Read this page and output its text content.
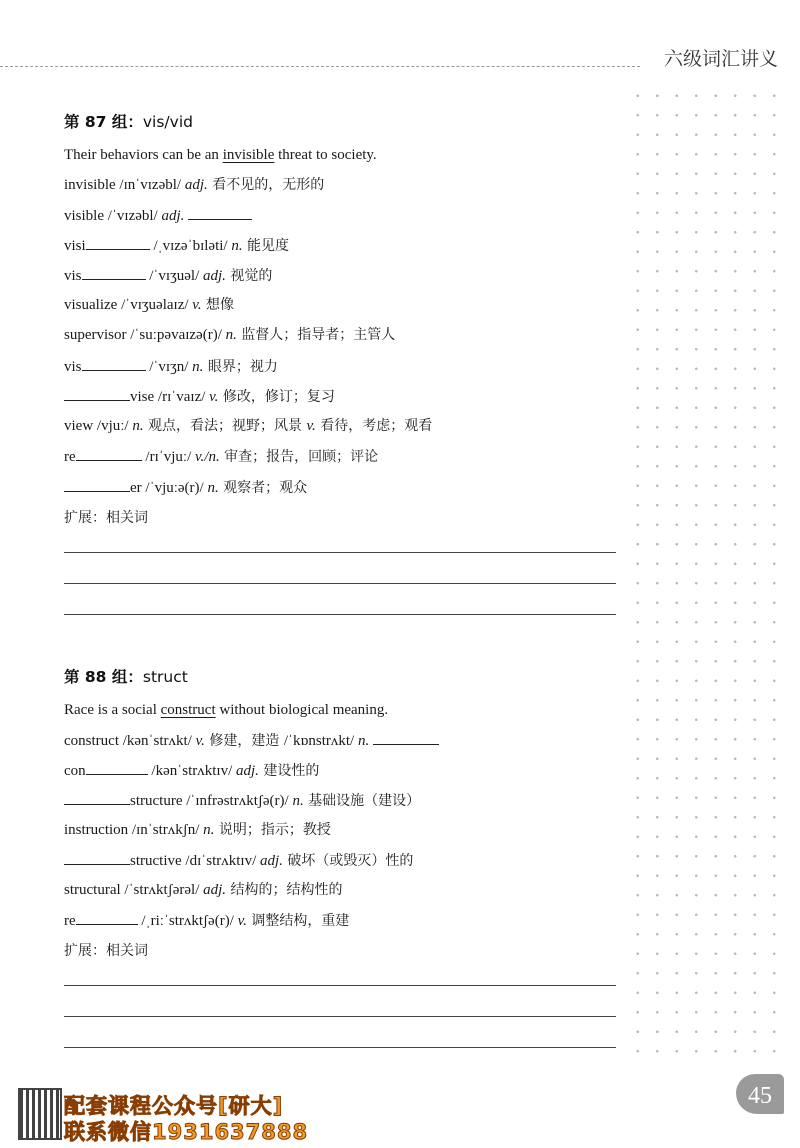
六级词汇讲义
第 87 组：vis/vid
Their behaviors can be an invisible threat to society.
invisible /ɪnˈvɪzəbl/ adj. 看不见的，无形的
visible /ˈvɪzəbl/ adj.
visi	/ˌvɪzəˈbɪləti/ n. 能见度
vis	/ˈvɪʒuəl/ adj. 视觉的
visualize /ˈvɪʒuəlaɪz/ v. 想像
supervisor /ˈsuːpəvaɪzə(r)/ n. 监督人；指导者；主管人
vis	/ˈvɪʒn/ n. 眼界；视力
vise /rɪˈvaɪz/ v. 修改，修订；复习
view /vjuː/ n. 观点，看法；视野；风景 v. 看待，考虑；观看
re	/rɪˈvjuː/ v./n. 审查；报告，回顾；评论
er /ˈvjuːə(r)/ n. 观察者；观众
扩展：相关词
第 88 组：struct
Race is a social construct without biological meaning.
construct /kənˈstrʌkt/ v. 修建，建造 /ˈkɒnstrʌkt/ n.
con	/kənˈstrʌktɪv/ adj. 建设性的
structure /ˈɪnfrəstrʌktʃə(r)/ n. 基础设施（建设）
instruction /ɪnˈstrʌkʃn/ n. 说明；指示；教授
structive /dɪˈstrʌktɪv/ adj. 破坏（或毁灭）性的
structural /ˈstrʌktʃərəl/ adj. 结构的；结构性的
re	/ˌriːˈstrʌktʃə(r)/ v. 调整结构，重建
扩展：相关词
配套课程公众号[研大]
联系微信1931637888
45
